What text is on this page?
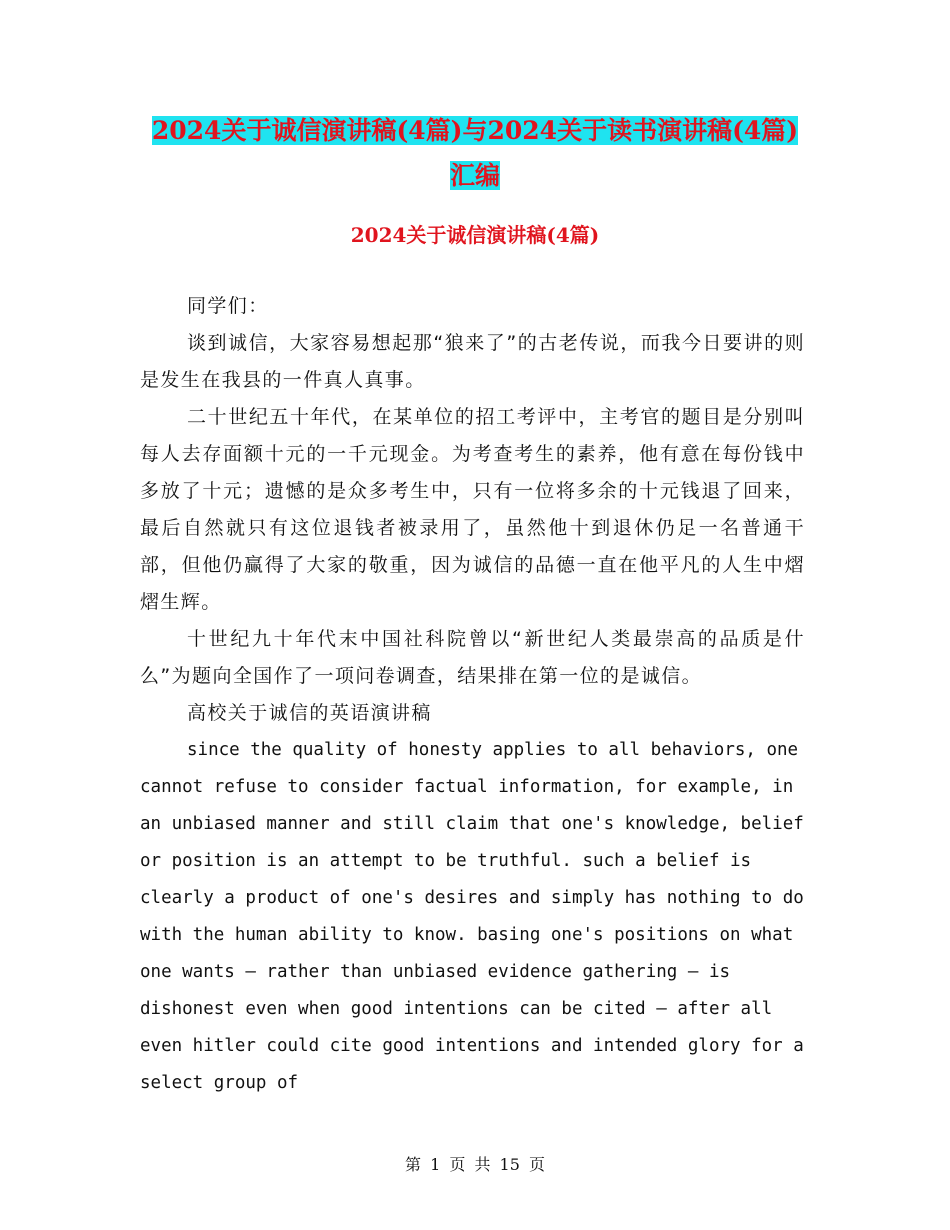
2024关于诚信演讲稿(4篇)与2024关于读书演讲稿(4篇)汇编
2024关于诚信演讲稿(4篇)

同学们：

谈到诚信，大家容易想起那“狼来了”的古老传说，而我今日要讲的则是发生在我县的一件真人真事。

二十世纪五十年代，在某单位的招工考评中，主考官的题目是分别叫每人去存面额十元的一千元现金。为考查考生的素养，他有意在每份钱中多放了十元；遗憾的是众多考生中，只有一位将多余的十元钱退了回来，最后自然就只有这位退钱者被录用了，虽然他十到退休仍足一名普通干部，但他仍赢得了大家的敬重，因为诚信的品德一直在他平凡的人生中熠熠生辉。

十世纪九十年代末中国社科院曾以“新世纪人类最崇高的品质是什么”为题向全国作了一项问卷调查，结果排在第一位的是诚信。

高校关于诚信的英语演讲稿

since the quality of honesty applies to all behaviors, one cannot refuse to consider factual information, for example, in an unbiased manner and still claim that one's knowledge, belief or position is an attempt to be truthful. such a belief is clearly a product of one's desires and simply has nothing to do with the human ability to know. basing one's positions on what one wants — rather than unbiased evidence gathering — is dishonest even when good intentions can be cited — after all even hitler could cite good intentions and intended glory for a select group of

第 1 页 共 15 页
